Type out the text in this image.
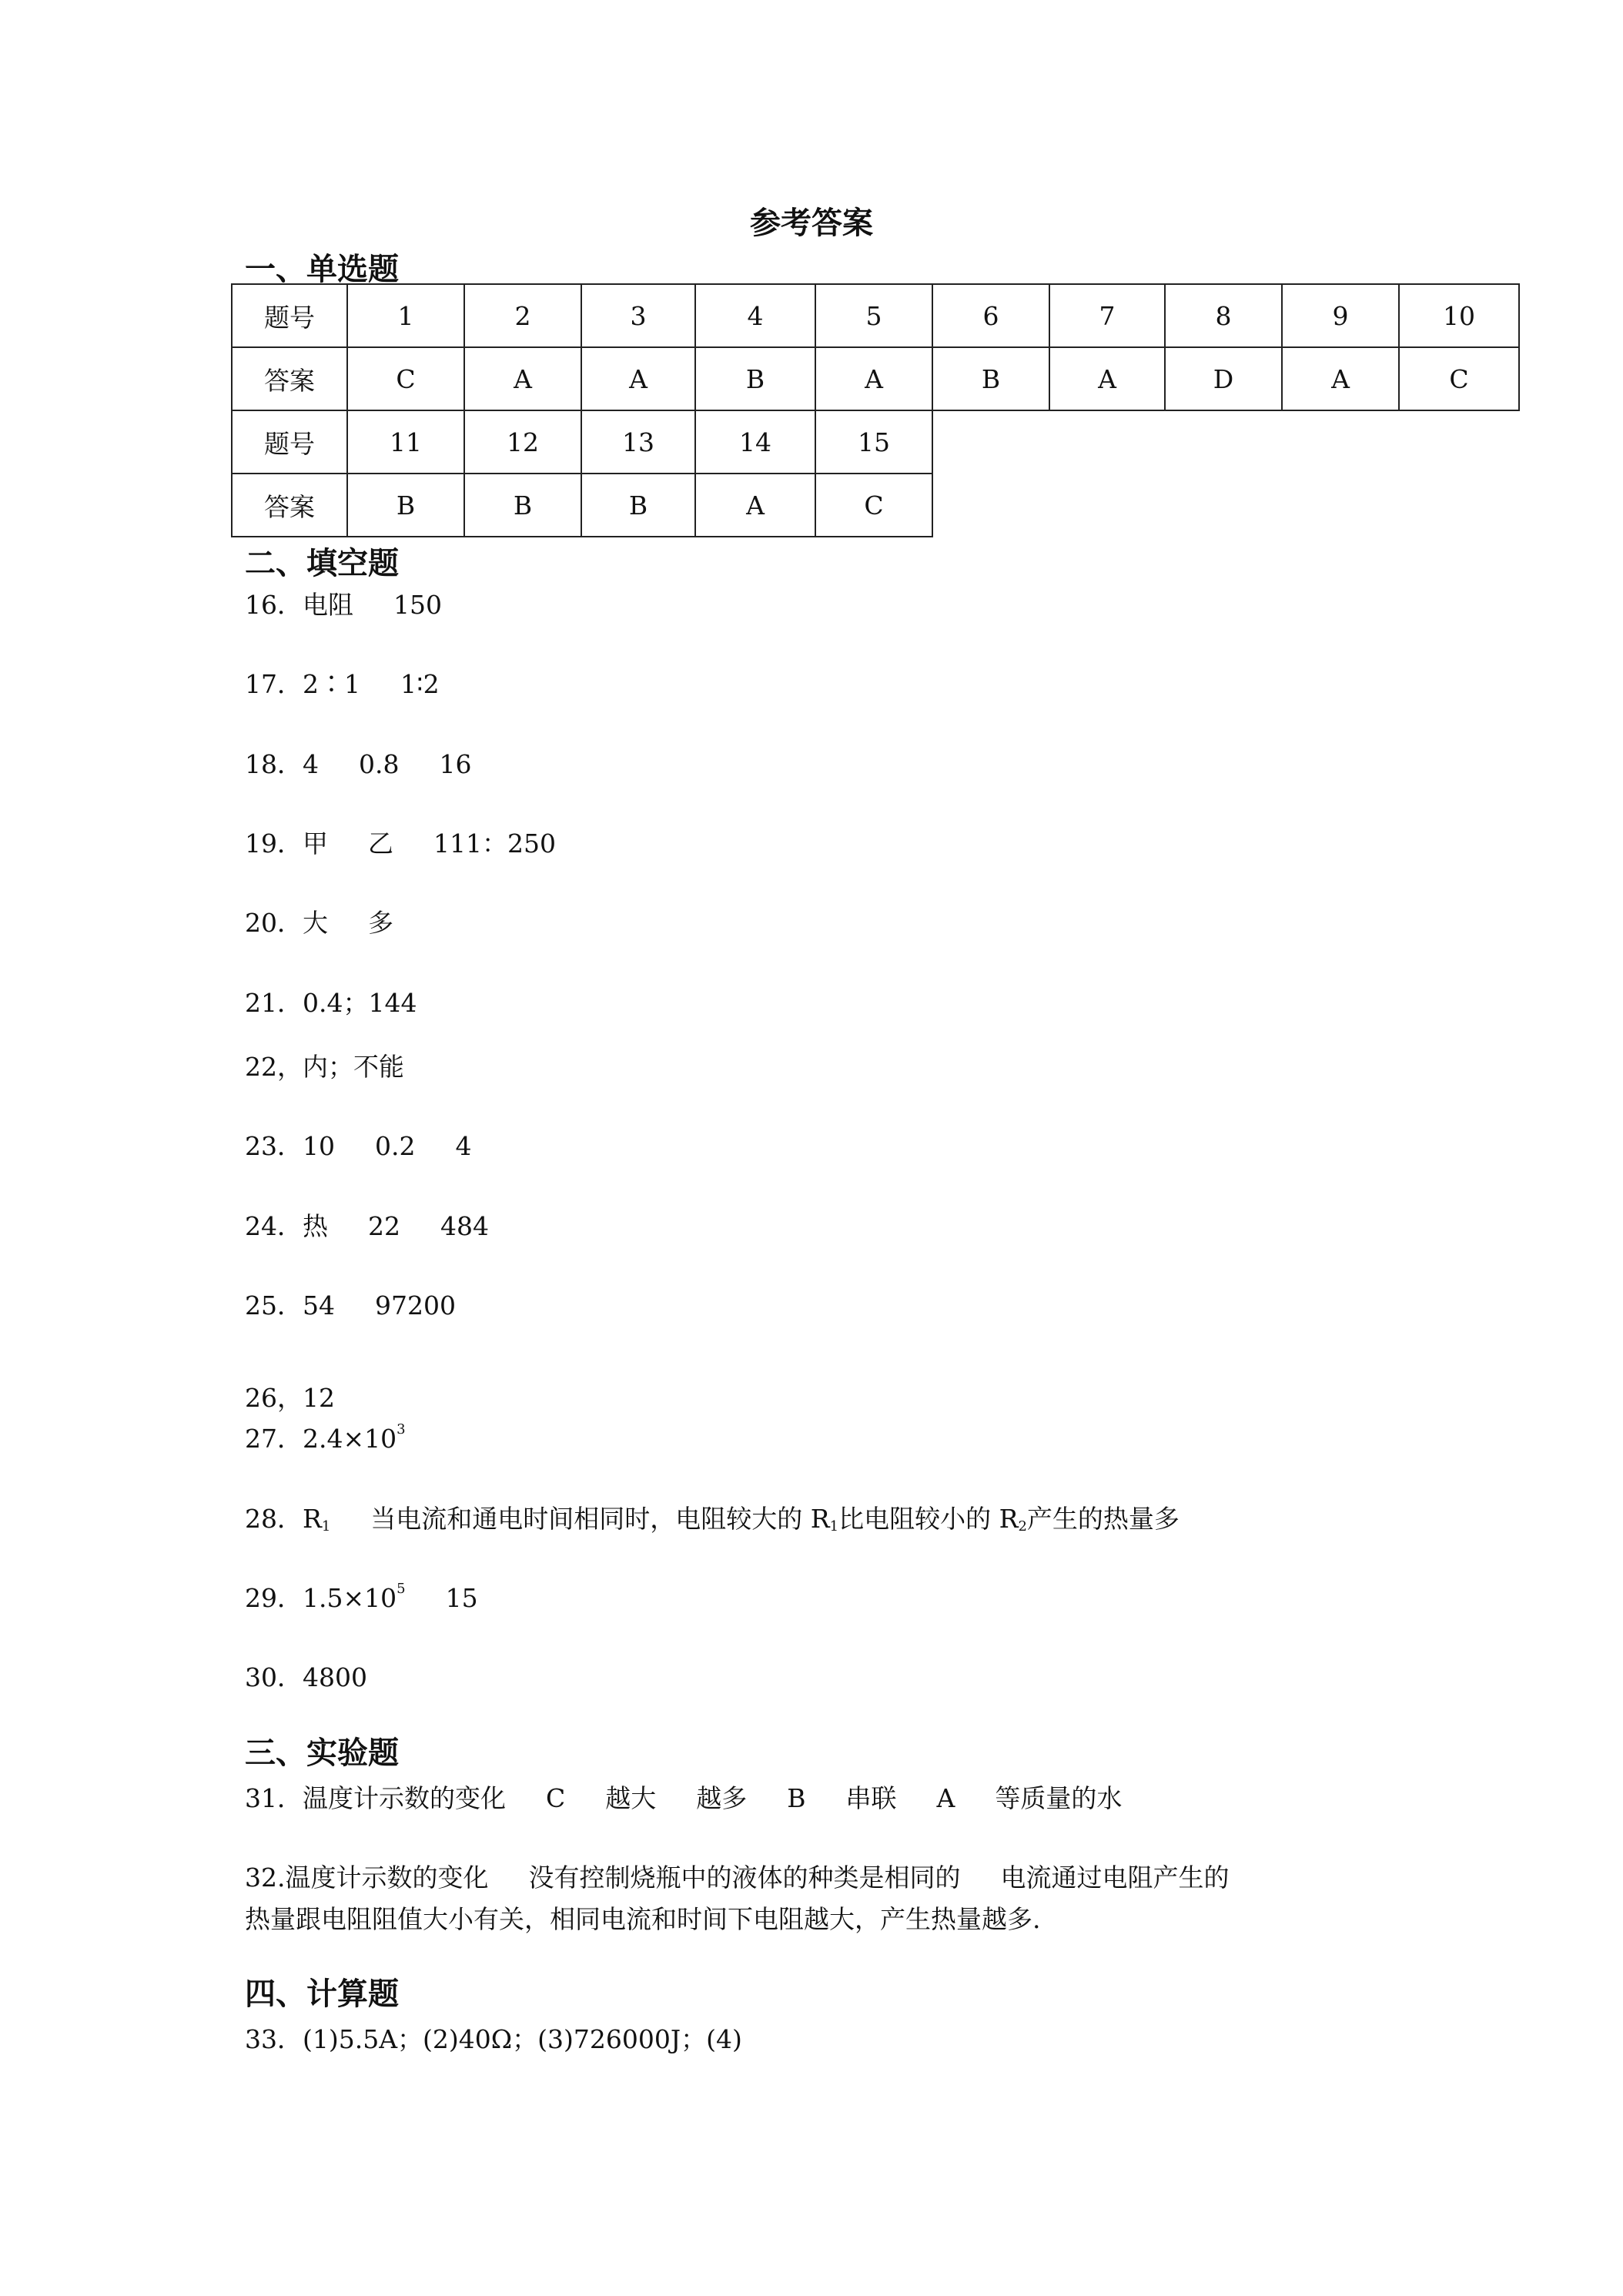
参考答案
一、单选题
题号	1	2	3	4	5	6	7	8	9	10
答案	C	A	A	B	A	B	A	D	A	C
题号	11	12	13	14	15					
答案	B	B	B	A	C					
二、填空题
16．电阻 150
17．2∶1 1∶2
18．4 0.8 16
19．甲 乙 111：250
20．大 多
21．0.4；144
22，内；不能
23．10 0.2 4
24．热 22 484
25．54 97200
26，12
27．$2.4\times 10^3$
28．$R_1$ 当电流和通电时间相同时，电阻较大的 $R_1$比电阻较小的 $R_2$产生的热量多
29．$1.5\times 10^5$ 15
30．4800
三、实验题
31．温度计示数的变化 C 越大 越多 B 串联 A 等质量的水
32.温度计示数的变化 没有控制烧瓶中的液体的种类是相同的 电流通过电阻产生的
热量跟电阻阻值大小有关，相同电流和时间下电阻越大，产生热量越多.
四、计算题
33．(1)5.5A；(2)40Ω；(3)726000J；(4)
